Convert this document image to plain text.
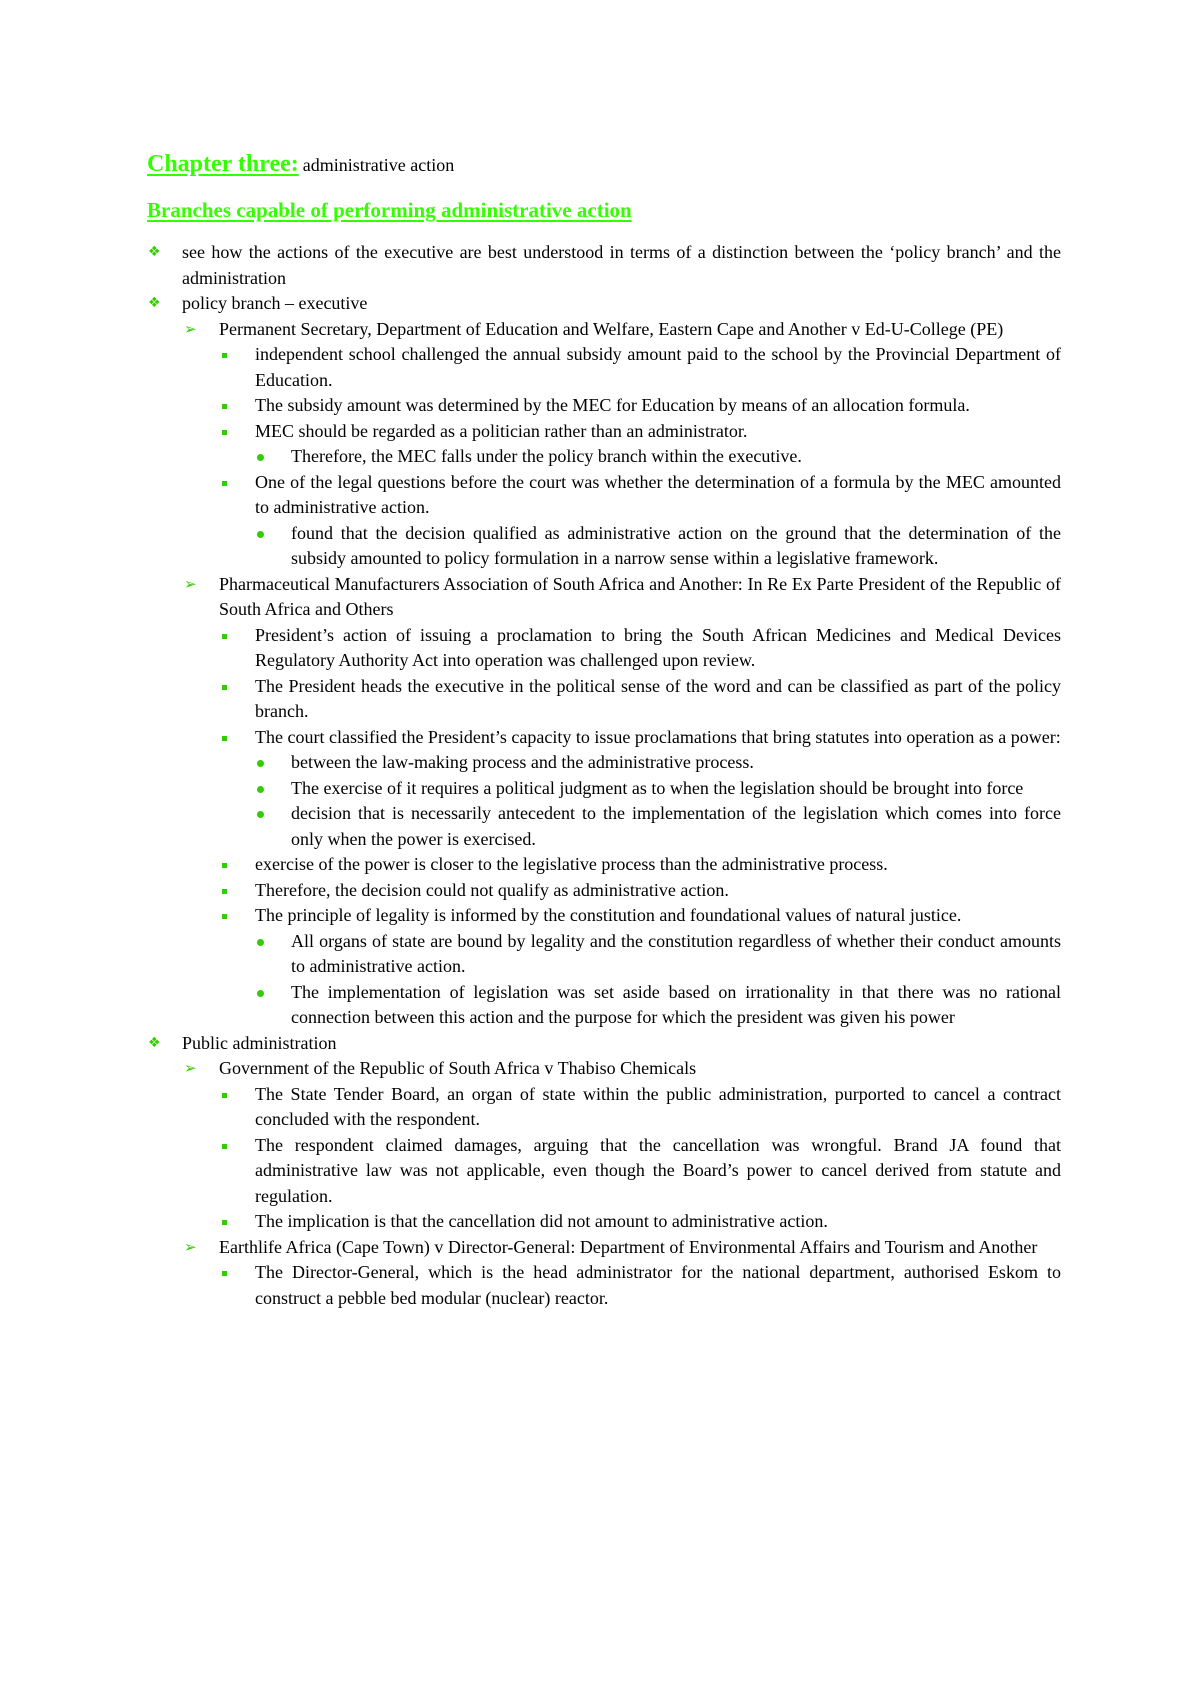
Chapter three: administrative action
Branches capable of performing administrative action
❖ see how the actions of the executive are best understood in terms of a distinction between the ‘policy branch’ and the administration
❖ policy branch – executive
➢ Permanent Secretary, Department of Education and Welfare, Eastern Cape and Another v Ed-U-College (PE)
independent school challenged the annual subsidy amount paid to the school by the Provincial Department of Education.
The subsidy amount was determined by the MEC for Education by means of an allocation formula.
MEC should be regarded as a politician rather than an administrator.
Therefore, the MEC falls under the policy branch within the executive.
One of the legal questions before the court was whether the determination of a formula by the MEC amounted to administrative action.
found that the decision qualified as administrative action on the ground that the determination of the subsidy amounted to policy formulation in a narrow sense within a legislative framework.
➢ Pharmaceutical Manufacturers Association of South Africa and Another: In Re Ex Parte President of the Republic of South Africa and Others
President’s action of issuing a proclamation to bring the South African Medicines and Medical Devices Regulatory Authority Act into operation was challenged upon review.
The President heads the executive in the political sense of the word and can be classified as part of the policy branch.
The court classified the President’s capacity to issue proclamations that bring statutes into operation as a power:
between the law-making process and the administrative process.
The exercise of it requires a political judgment as to when the legislation should be brought into force
decision that is necessarily antecedent to the implementation of the legislation which comes into force only when the power is exercised.
exercise of the power is closer to the legislative process than the administrative process.
Therefore, the decision could not qualify as administrative action.
The principle of legality is informed by the constitution and foundational values of natural justice.
All organs of state are bound by legality and the constitution regardless of whether their conduct amounts to administrative action.
The implementation of legislation was set aside based on irrationality in that there was no rational connection between this action and the purpose for which the president was given his power
❖ Public administration
➢ Government of the Republic of South Africa v Thabiso Chemicals
The State Tender Board, an organ of state within the public administration, purported to cancel a contract concluded with the respondent.
The respondent claimed damages, arguing that the cancellation was wrongful. Brand JA found that administrative law was not applicable, even though the Board’s power to cancel derived from statute and regulation.
The implication is that the cancellation did not amount to administrative action.
➢ Earthlife Africa (Cape Town) v Director-General: Department of Environmental Affairs and Tourism and Another
The Director-General, which is the head administrator for the national department, authorised Eskom to construct a pebble bed modular (nuclear) reactor.
